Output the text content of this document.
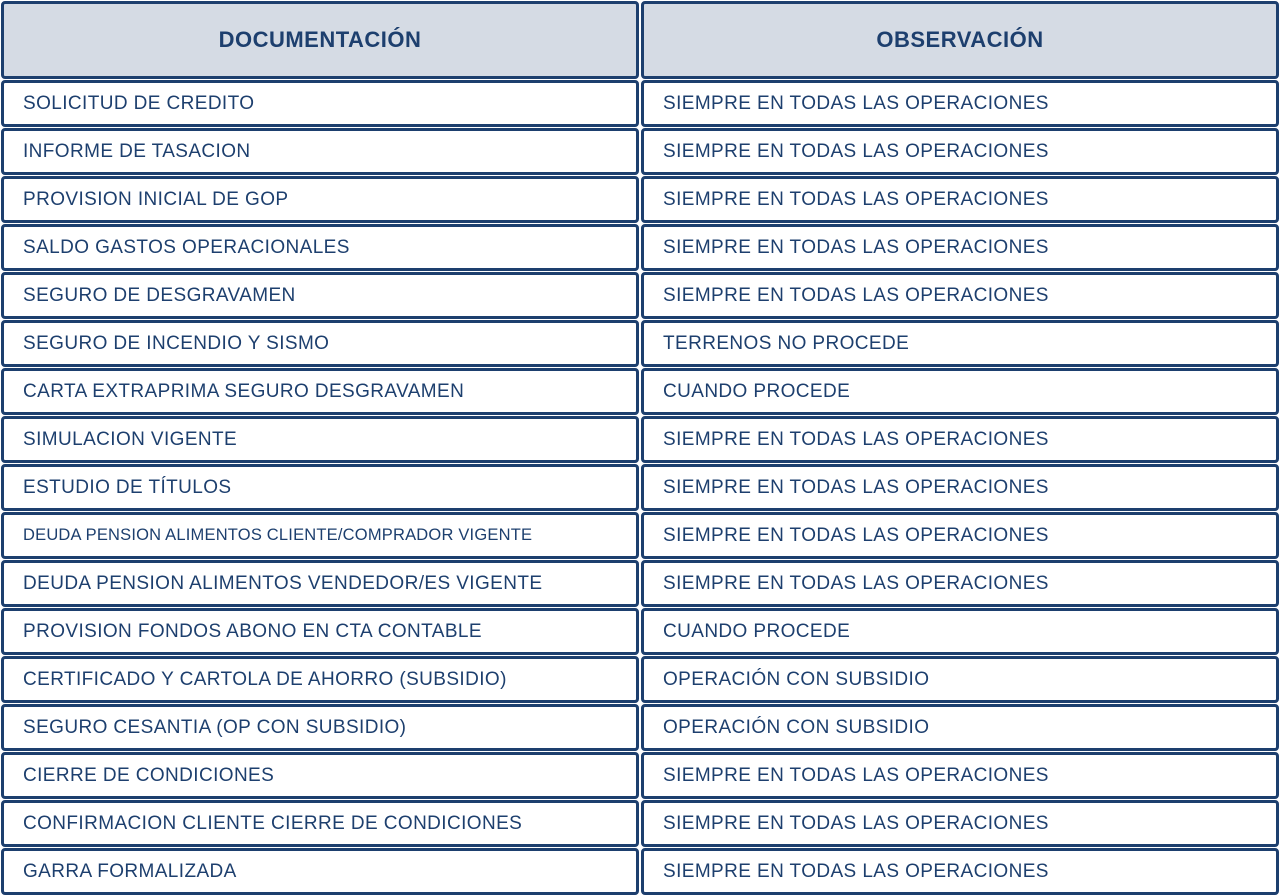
DOCUMENTACIÓN	OBSERVACIÓN
SOLICITUD DE CREDITO	SIEMPRE EN TODAS LAS OPERACIONES
INFORME DE TASACION	SIEMPRE EN TODAS LAS OPERACIONES
PROVISION INICIAL DE GOP	SIEMPRE EN TODAS LAS OPERACIONES
SALDO GASTOS OPERACIONALES	SIEMPRE EN TODAS LAS OPERACIONES
SEGURO DE DESGRAVAMEN	SIEMPRE EN TODAS LAS OPERACIONES
SEGURO DE INCENDIO Y SISMO	TERRENOS NO PROCEDE
CARTA EXTRAPRIMA SEGURO DESGRAVAMEN	CUANDO PROCEDE
SIMULACION VIGENTE	SIEMPRE EN TODAS LAS OPERACIONES
ESTUDIO DE TÍTULOS	SIEMPRE EN TODAS LAS OPERACIONES
DEUDA PENSION ALIMENTOS CLIENTE/COMPRADOR VIGENTE	SIEMPRE EN TODAS LAS OPERACIONES
DEUDA PENSION ALIMENTOS VENDEDOR/ES VIGENTE	SIEMPRE EN TODAS LAS OPERACIONES
PROVISION FONDOS ABONO EN CTA CONTABLE	CUANDO PROCEDE
CERTIFICADO Y CARTOLA DE AHORRO (SUBSIDIO)	OPERACIÓN CON SUBSIDIO
SEGURO CESANTIA (OP CON SUBSIDIO)	OPERACIÓN CON SUBSIDIO
CIERRE DE CONDICIONES	SIEMPRE EN TODAS LAS OPERACIONES
CONFIRMACION CLIENTE CIERRE DE CONDICIONES	SIEMPRE EN TODAS LAS OPERACIONES
GARRA FORMALIZADA	SIEMPRE EN TODAS LAS OPERACIONES
